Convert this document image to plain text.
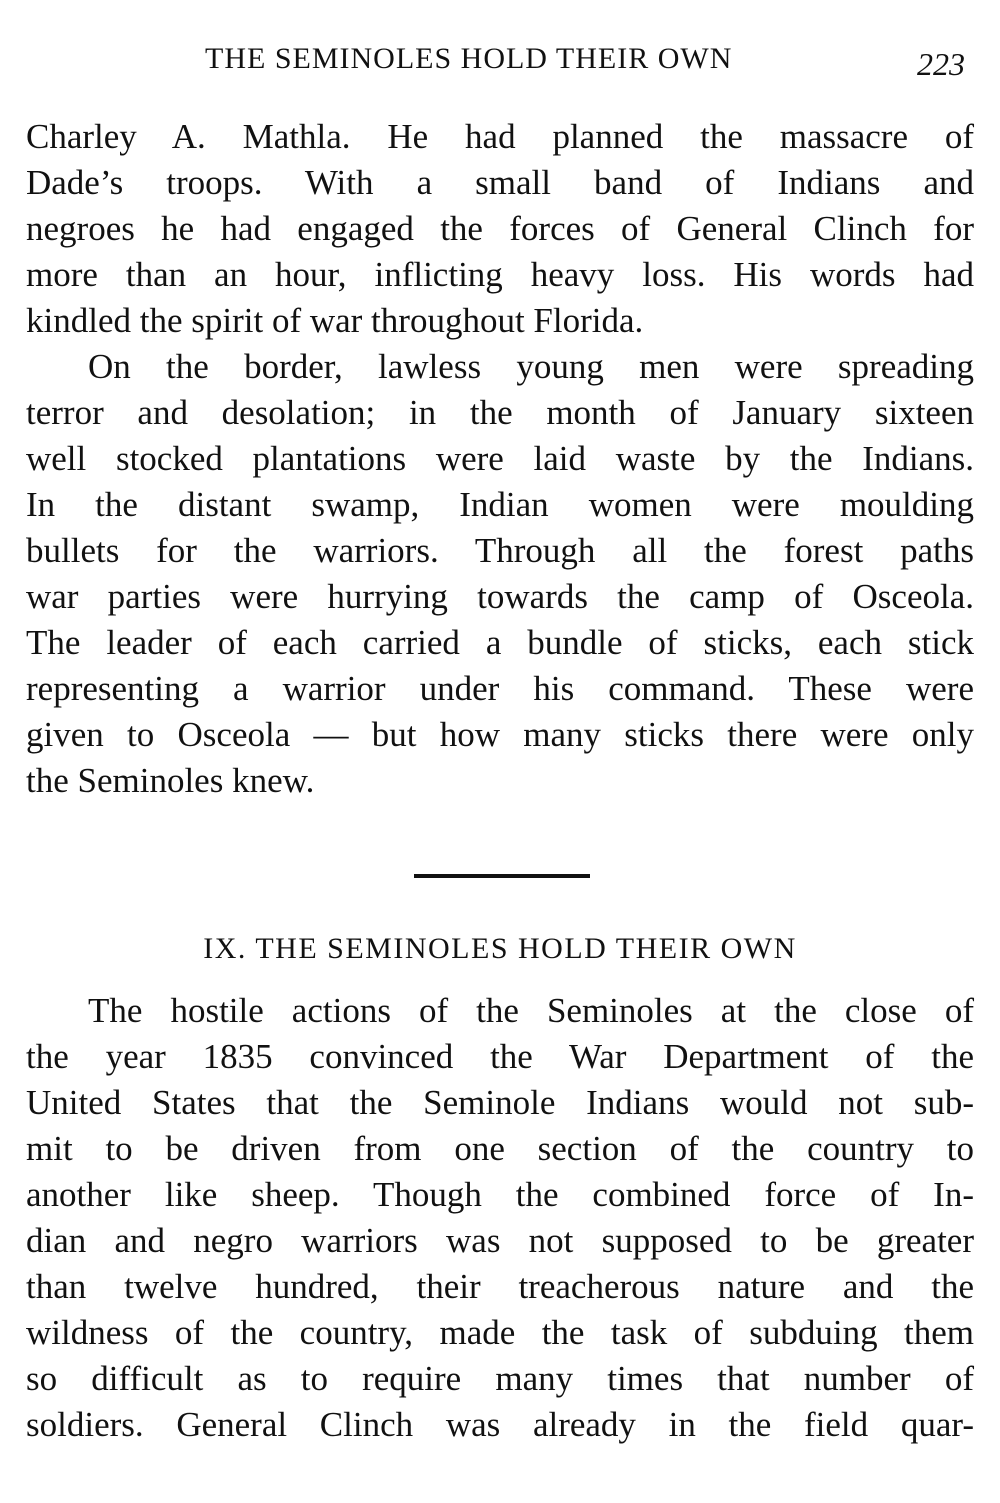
THE SEMINOLES HOLD THEIR OWN	223
Charley A. Mathla. He had planned the massacre of
Dade’s troops. With a small band of Indians and
negroes he had engaged the forces of General Clinch for
more than an hour, inflicting heavy loss. His words had
kindled the spirit of war throughout Florida.
On the border, lawless young men were spreading
terror and desolation; in the month of January sixteen
well stocked plantations were laid waste by the Indians.
In the distant swamp, Indian women were moulding
bullets for the warriors. Through all the forest paths
war parties were hurrying towards the camp of Osceola.
The leader of each carried a bundle of sticks, each stick
representing a warrior under his command. These were
given to Osceola — but how many sticks there were only
the Seminoles knew.
IX. THE SEMINOLES HOLD THEIR OWN
The hostile actions of the Seminoles at the close of
the year 1835 convinced the War Department of the
United States that the Seminole Indians would not sub-
mit to be driven from one section of the country to
another like sheep. Though the combined force of In-
dian and negro warriors was not supposed to be greater
than twelve hundred, their treacherous nature and the
wildness of the country, made the task of subduing them
so difficult as to require many times that number of
soldiers. General Clinch was already in the field quar-
